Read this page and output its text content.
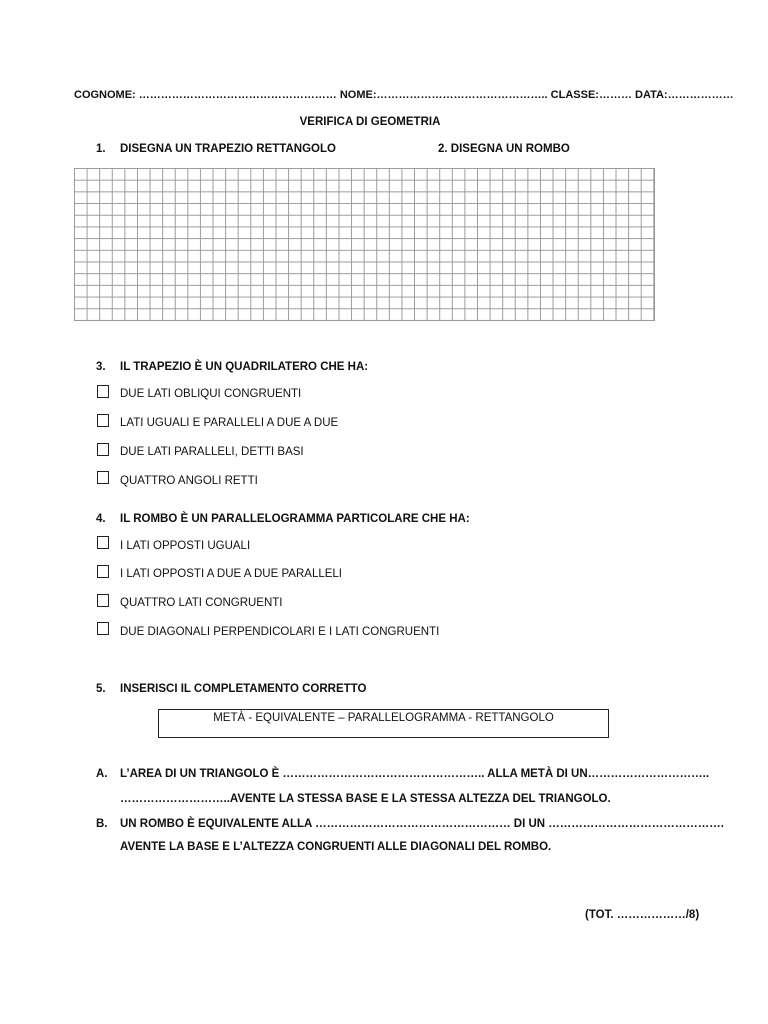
COGNOME: ……………………………………………… NOME:……………………………………….. CLASSE:……… DATA:………………
VERIFICA DI GEOMETRIA
1. DISEGNA UN TRAPEZIO RETTANGOLO	2. DISEGNA UN ROMBO
3. IL TRAPEZIO È UN QUADRILATERO CHE HA:
DUE LATI OBLIQUI CONGRUENTI
LATI UGUALI E PARALLELI A DUE A DUE
DUE LATI PARALLELI, DETTI BASI
QUATTRO ANGOLI RETTI
4. IL ROMBO È UN PARALLELOGRAMMA PARTICOLARE CHE HA:
I LATI OPPOSTI UGUALI
I LATI OPPOSTI A DUE A DUE PARALLELI
QUATTRO LATI CONGRUENTI
DUE DIAGONALI PERPENDICOLARI E I LATI CONGRUENTI
5. INSERISCI IL COMPLETAMENTO CORRETTO
METÀ - EQUIVALENTE – PARALLELOGRAMMA - RETTANGOLO
A. L’AREA DI UN TRIANGOLO È …………………………………………….. ALLA METÀ DI UN…………………………..
………………………..AVENTE LA STESSA BASE E LA STESSA ALTEZZA DEL TRIANGOLO.
B. UN ROMBO È EQUIVALENTE ALLA …………………………………………… DI UN ……………………………………….
AVENTE LA BASE E L’ALTEZZA CONGRUENTI ALLE DIAGONALI DEL ROMBO.
(TOT. ………………/8)
